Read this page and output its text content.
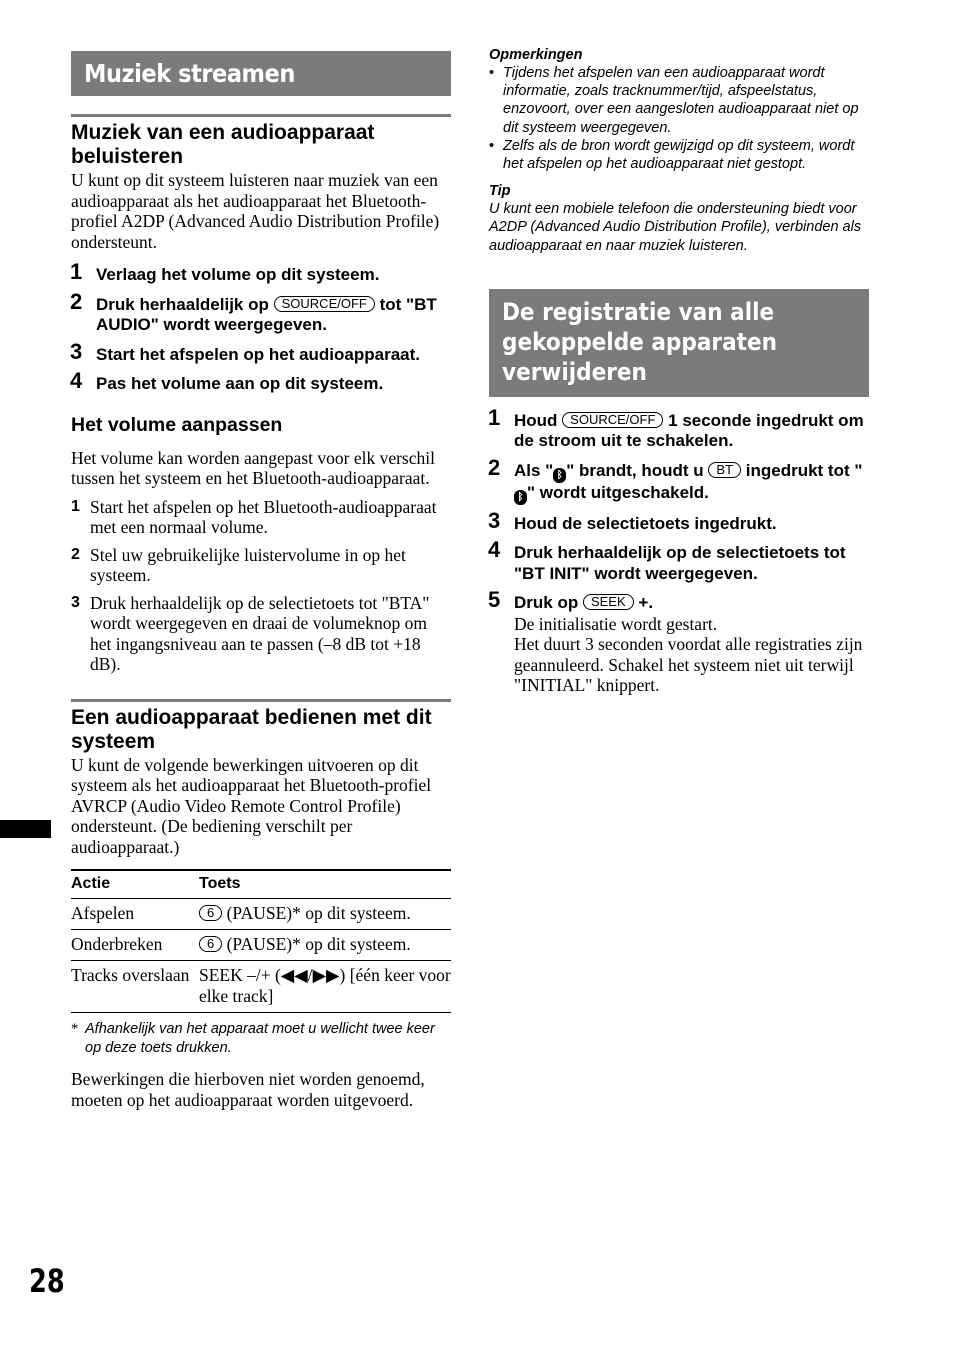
Muziek streamen
Muziek van een audioapparaat beluisteren

U kunt op dit systeem luisteren naar muziek van een audioapparaat als het audioapparaat het Bluetooth-profiel A2DP (Advanced Audio Distribution Profile) ondersteunt.

1 Verlaag het volume op dit systeem.
2 Druk herhaaldelijk op SOURCE/OFF tot "BT AUDIO" wordt weergegeven.
3 Start het afspelen op het audioapparaat.
4 Pas het volume aan op dit systeem.
Het volume aanpassen

Het volume kan worden aangepast voor elk verschil tussen het systeem en het Bluetooth-audioapparaat.

1 Start het afspelen op het Bluetooth-audioapparaat met een normaal volume.
2 Stel uw gebruikelijke luistervolume in op het systeem.
3 Druk herhaaldelijk op de selectietoets tot "BTA" wordt weergegeven en draai de volumeknop om het ingangsniveau aan te passen (–8 dB tot +18 dB).
Een audioapparaat bedienen met dit systeem

U kunt de volgende bewerkingen uitvoeren op dit systeem als het audioapparaat het Bluetooth-profiel AVRCP (Audio Video Remote Control Profile) ondersteunt. (De bediening verschilt per audioapparaat.)

Actie	Toets
Afspelen	6 (PAUSE)* op dit systeem.
Onderbreken	6 (PAUSE)* op dit systeem.
Tracks overslaan	SEEK –/+ (◀◀/▶▶) [één keer voor elke track]
* Afhankelijk van het apparaat moet u wellicht twee keer op deze toets drukken.

Bewerkingen die hierboven niet worden genoemd, moeten op het audioapparaat worden uitgevoerd.

Opmerkingen
• Tijdens het afspelen van een audioapparaat wordt informatie, zoals tracknummer/tijd, afspeelstatus, enzovoort, over een aangesloten audioapparaat niet op dit systeem weergegeven.
• Zelfs als de bron wordt gewijzigd op dit systeem, wordt het afspelen op het audioapparaat niet gestopt.
Tip
U kunt een mobiele telefoon die ondersteuning biedt voor A2DP (Advanced Audio Distribution Profile), verbinden als audioapparaat en naar muziek luisteren.
De registratie van alle gekoppelde apparaten verwijderen
1 Houd SOURCE/OFF 1 seconde ingedrukt om de stroom uit te schakelen.
2 Als " ᛒ " brandt, houdt u BT ingedrukt tot "ᛒ " wordt uitgeschakeld.
3 Houd de selectietoets ingedrukt.
4 Druk herhaaldelijk op de selectietoets tot "BT INIT" wordt weergegeven.
5 Druk op SEEK +.
De initialisatie wordt gestart.
Het duurt 3 seconden voordat alle registraties zijn geannuleerd. Schakel het systeem niet uit terwijl "INITIAL" knippert.
28
